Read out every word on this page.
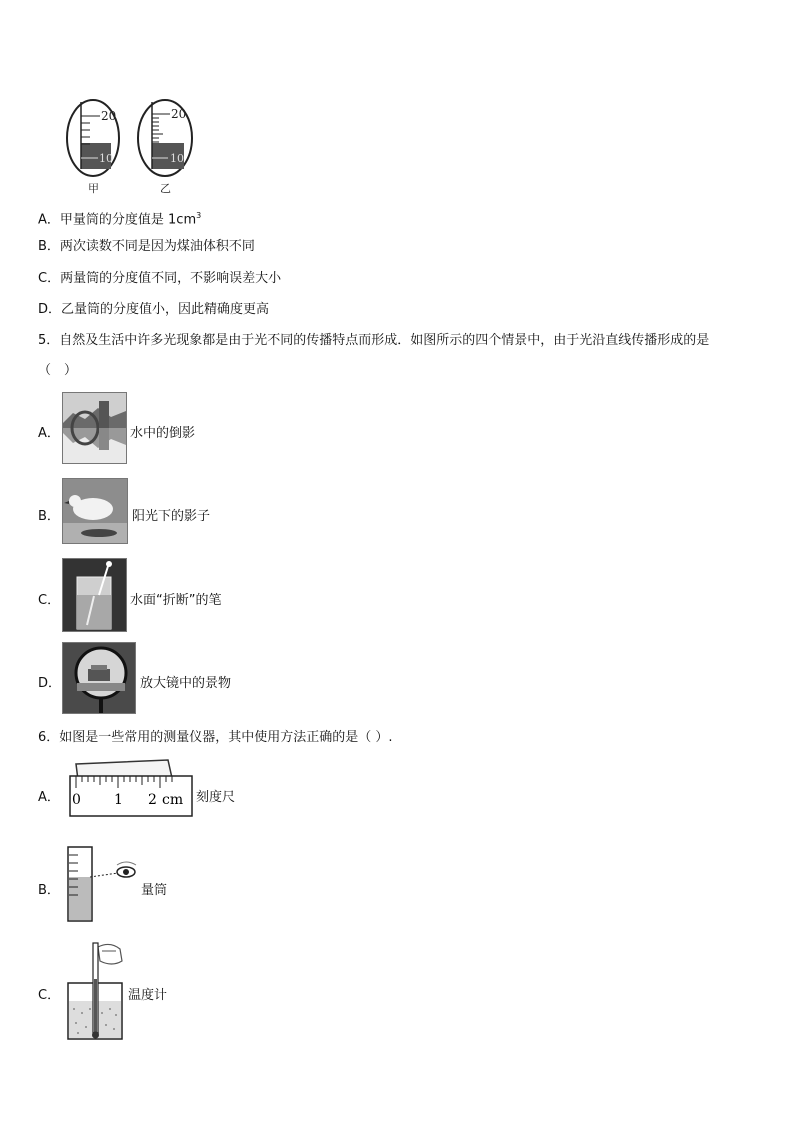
20
10
甲
20
10
乙
A．甲量筒的分度值是 $1cm^3$
B．两次读数不同是因为煤油体积不同
C．两量筒的分度值不同，不影响误差大小
D．乙量筒的分度值小，因此精确度更高
5．自然及生活中许多光现象都是由于光不同的传播特点而形成．如图所示的四个情景中，由于光沿直线传播形成的是
（　）
A．	水中的倒影
B．	阳光下的影子
C．	水面“折断”的笔
D．	放大镜中的景物
6．如图是一些常用的测量仪器，其中使用方法正确的是（ ）.
A． 0 1 2 cm 刻度尺
B．	量筒
C．	温度计
